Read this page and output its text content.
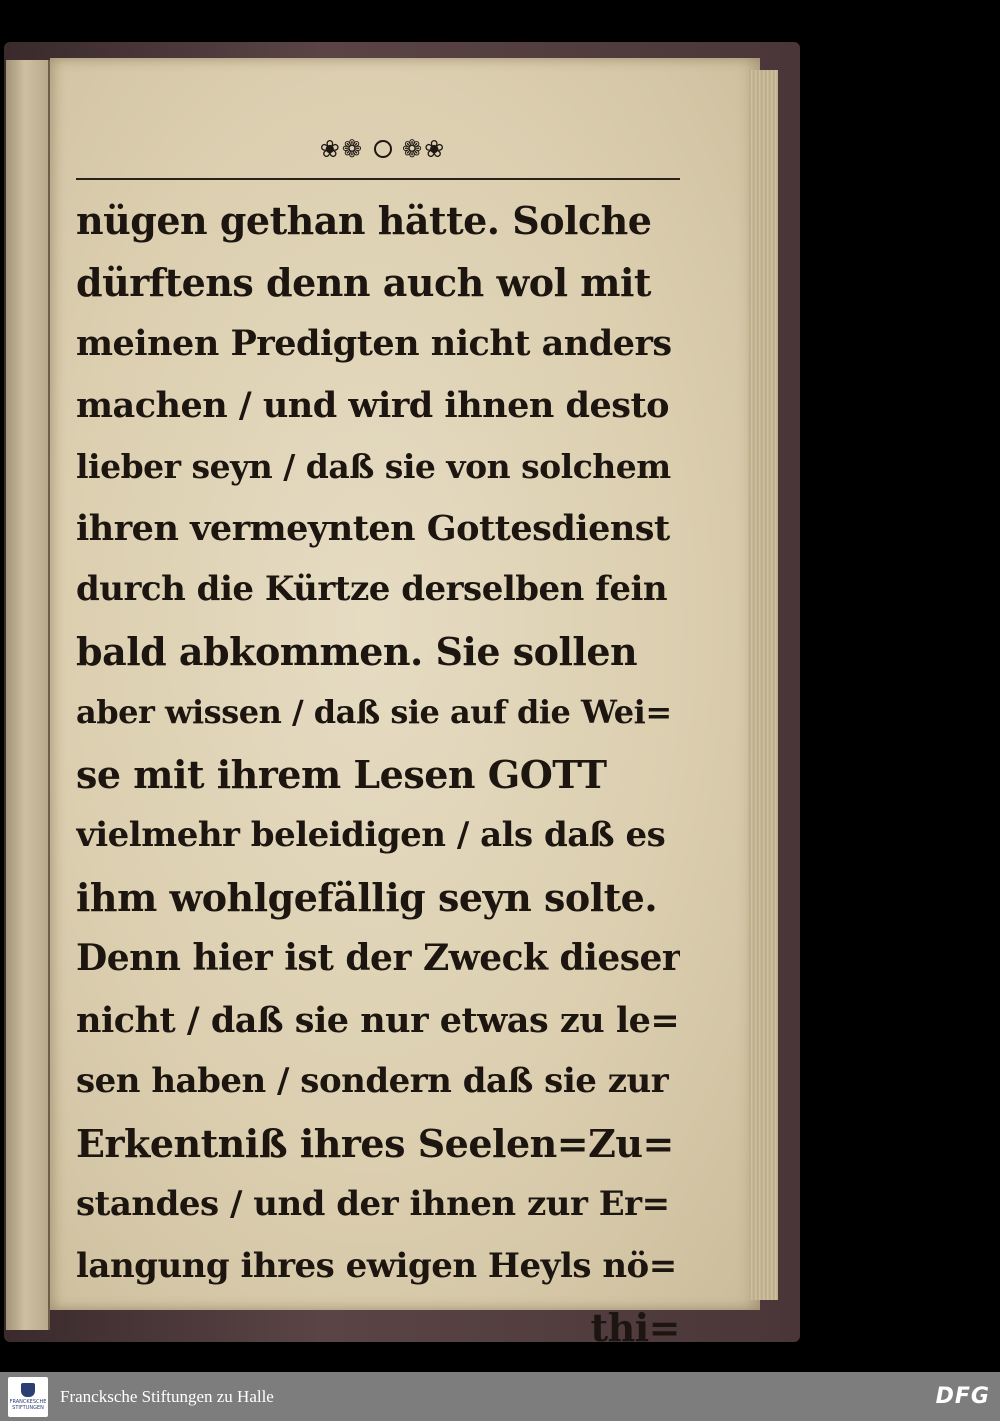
❀❁ ❁❀
nügen gethan hätte. Solche
dürftens denn auch wol mit
meinen Predigten nicht anders
machen / und wird ihnen desto
lieber seyn / daß sie von solchem
ihren vermeynten Gottesdienst
durch die Kürtze derselben fein
bald abkommen. Sie sollen
aber wissen / daß sie auf die Wei=
se mit ihrem Lesen GOTT
vielmehr beleidigen / als daß es
ihm wohlgefällig seyn solte.
Denn hier ist der Zweck dieser
nicht / daß sie nur etwas zu le=
sen haben / sondern daß sie zur
Erkentniß ihres Seelen=Zu=
standes / und der ihnen zur Er=
langung ihres ewigen Heyls nö=
thi=
FRANCKESCHE STIFTUNGEN
Francksche Stiftungen zu Halle	DFG
